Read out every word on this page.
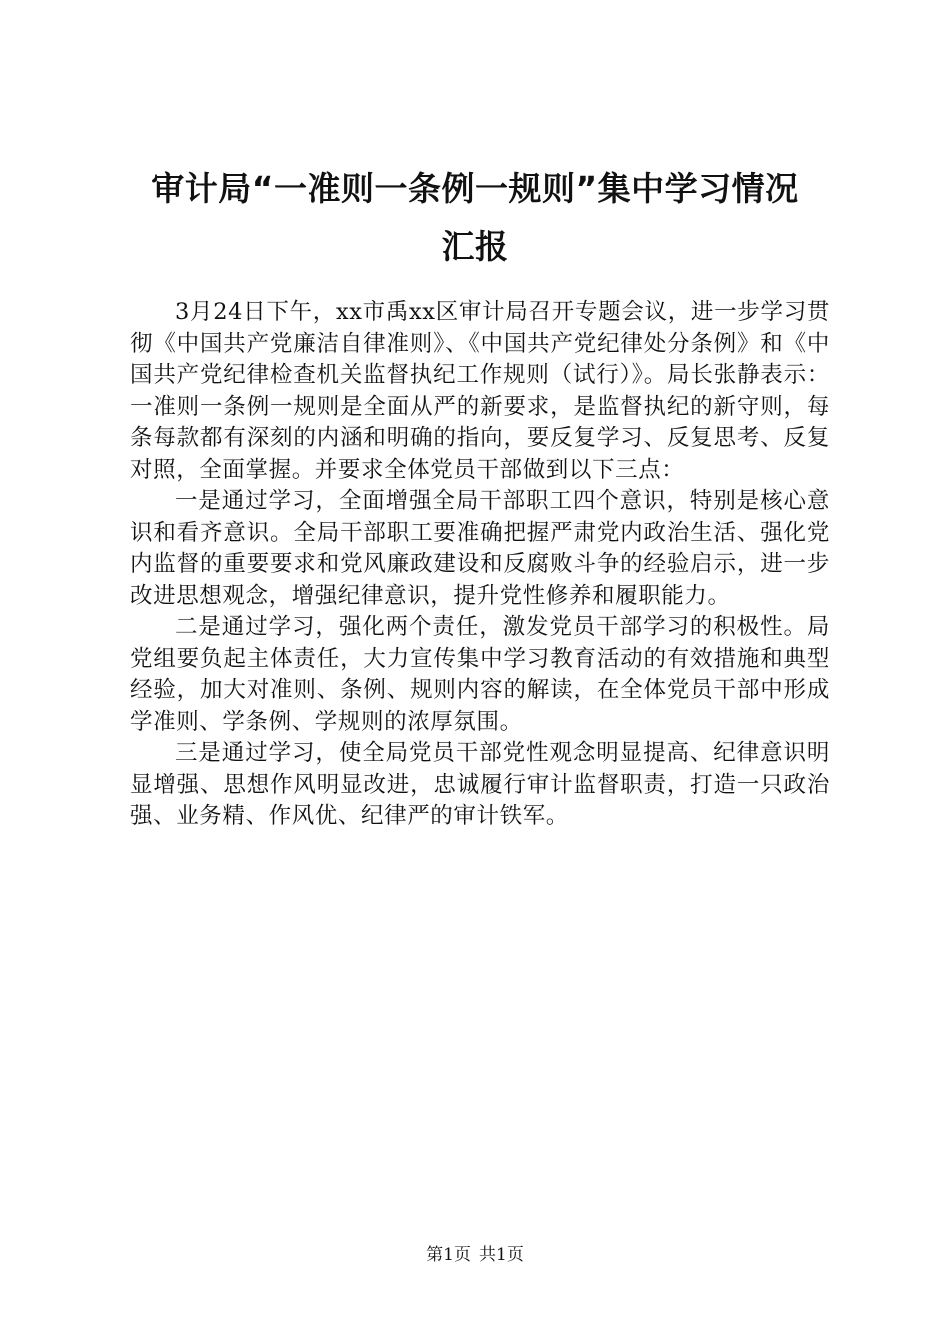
审计局“一准则一条例一规则”集中学习情况
汇报

3月24日下午，xx市禹xx区审计局召开专题会议，进一步学习贯彻《中国共产党廉洁自律准则》、《中国共产党纪律处分条例》和《中国共产党纪律检查机关监督执纪工作规则（试行）》。局长张静表示：一准则一条例一规则是全面从严的新要求，是监督执纪的新守则，每条每款都有深刻的内涵和明确的指向，要反复学习、反复思考、反复对照，全面掌握。并要求全体党员干部做到以下三点：

一是通过学习，全面增强全局干部职工四个意识，特别是核心意识和看齐意识。全局干部职工要准确把握严肃党内政治生活、强化党内监督的重要要求和党风廉政建设和反腐败斗争的经验启示，进一步改进思想观念，增强纪律意识，提升党性修养和履职能力。

二是通过学习，强化两个责任，激发党员干部学习的积极性。局党组要负起主体责任，大力宣传集中学习教育活动的有效措施和典型经验，加大对准则、条例、规则内容的解读，在全体党员干部中形成学准则、学条例、学规则的浓厚氛围。

三是通过学习，使全局党员干部党性观念明显提高、纪律意识明显增强、思想作风明显改进，忠诚履行审计监督职责，打造一只政治强、业务精、作风优、纪律严的审计铁军。

第1页 共1页
